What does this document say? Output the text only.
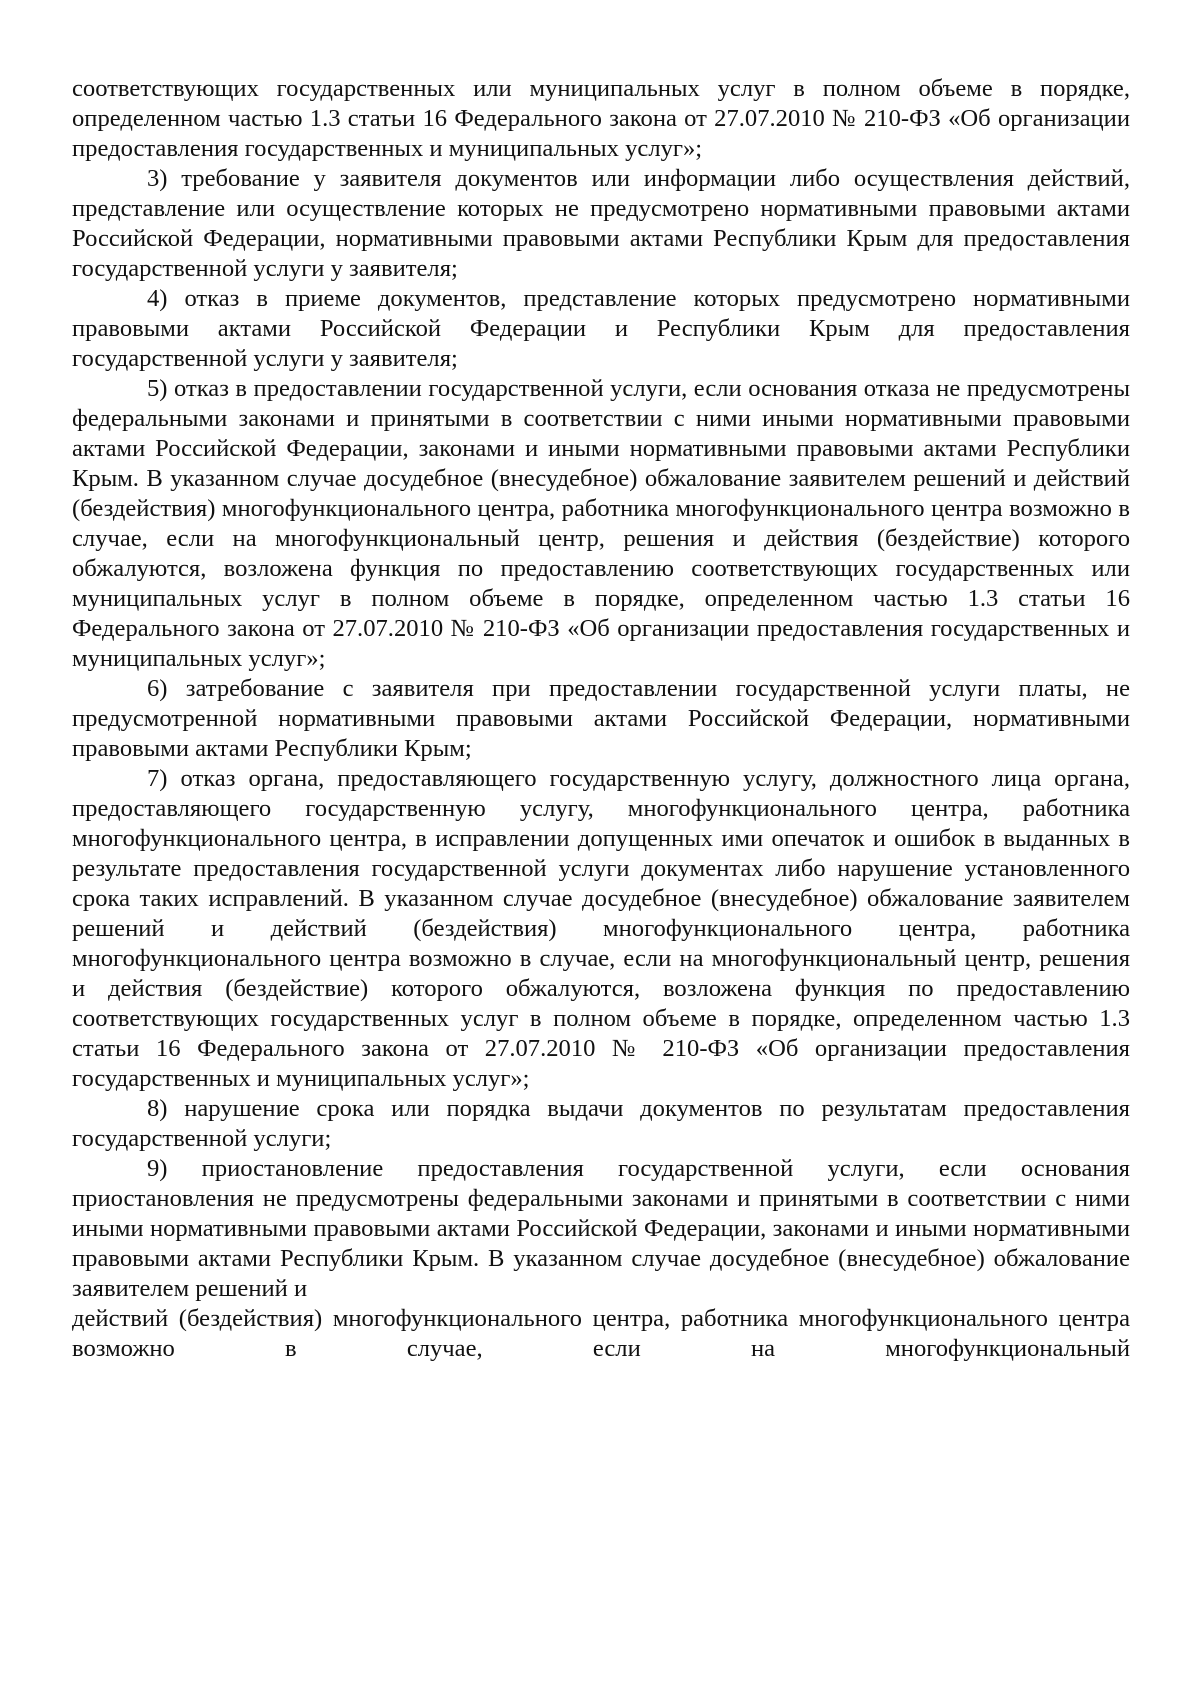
соответствующих государственных или муниципальных услуг в полном объеме в порядке, определенном частью 1.3 статьи 16 Федерального закона от 27.07.2010 № 210-ФЗ «Об организации предоставления государственных и муниципальных услуг»;

3) требование у заявителя документов или информации либо осуществления действий, представление или осуществление которых не предусмотрено нормативными правовыми актами Российской Федерации, нормативными правовыми актами Республики Крым для предоставления государственной услуги у заявителя;

4) отказ в приеме документов, представление которых предусмотрено нормативными правовыми актами Российской Федерации и Республики Крым для предоставления государственной услуги у заявителя;

5) отказ в предоставлении государственной услуги, если основания отказа не предусмотрены федеральными законами и принятыми в соответствии с ними иными нормативными правовыми актами Российской Федерации, законами и иными нормативными правовыми актами Республики Крым. В указанном случае досудебное (внесудебное) обжалование заявителем решений и действий (бездействия) многофункционального центра, работника многофункционального центра возможно в случае, если на многофункциональный центр, решения и действия (бездействие) которого обжалуются, возложена функция по предоставлению соответствующих государственных или муниципальных услуг в полном объеме в порядке, определенном частью 1.3 статьи 16 Федерального закона от 27.07.2010 № 210-ФЗ «Об организации предоставления государственных и муниципальных услуг»;

6) затребование с заявителя при предоставлении государственной услуги платы, не предусмотренной нормативными правовыми актами Российской Федерации, нормативными правовыми актами Республики Крым;

7) отказ органа, предоставляющего государственную услугу, должностного лица органа, предоставляющего государственную услугу, многофункционального центра, работника многофункционального центра, в исправлении допущенных ими опечаток и ошибок в выданных в результате предоставления государственной услуги документах либо нарушение установленного срока таких исправлений. В указанном случае досудебное (внесудебное) обжалование заявителем решений и действий (бездействия) многофункционального центра, работника многофункционального центра возможно в случае, если на многофункциональный центр, решения и действия (бездействие) которого обжалуются, возложена функция по предоставлению соответствующих государственных услуг в полном объеме в порядке, определенном частью 1.3 статьи 16 Федерального закона от 27.07.2010 № 210-ФЗ «Об организации предоставления государственных и муниципальных услуг»;

8) нарушение срока или порядка выдачи документов по результатам предоставления государственной услуги;

9) приостановление предоставления государственной услуги, если основания приостановления не предусмотрены федеральными законами и принятыми в соответствии с ними иными нормативными правовыми актами Российской Федерации, законами и иными нормативными правовыми актами Республики Крым. В указанном случае досудебное (внесудебное) обжалование заявителем решений и

действий (бездействия) многофункционального центра, работника многофункционального центра возможно в случае, если на многофункциональный
